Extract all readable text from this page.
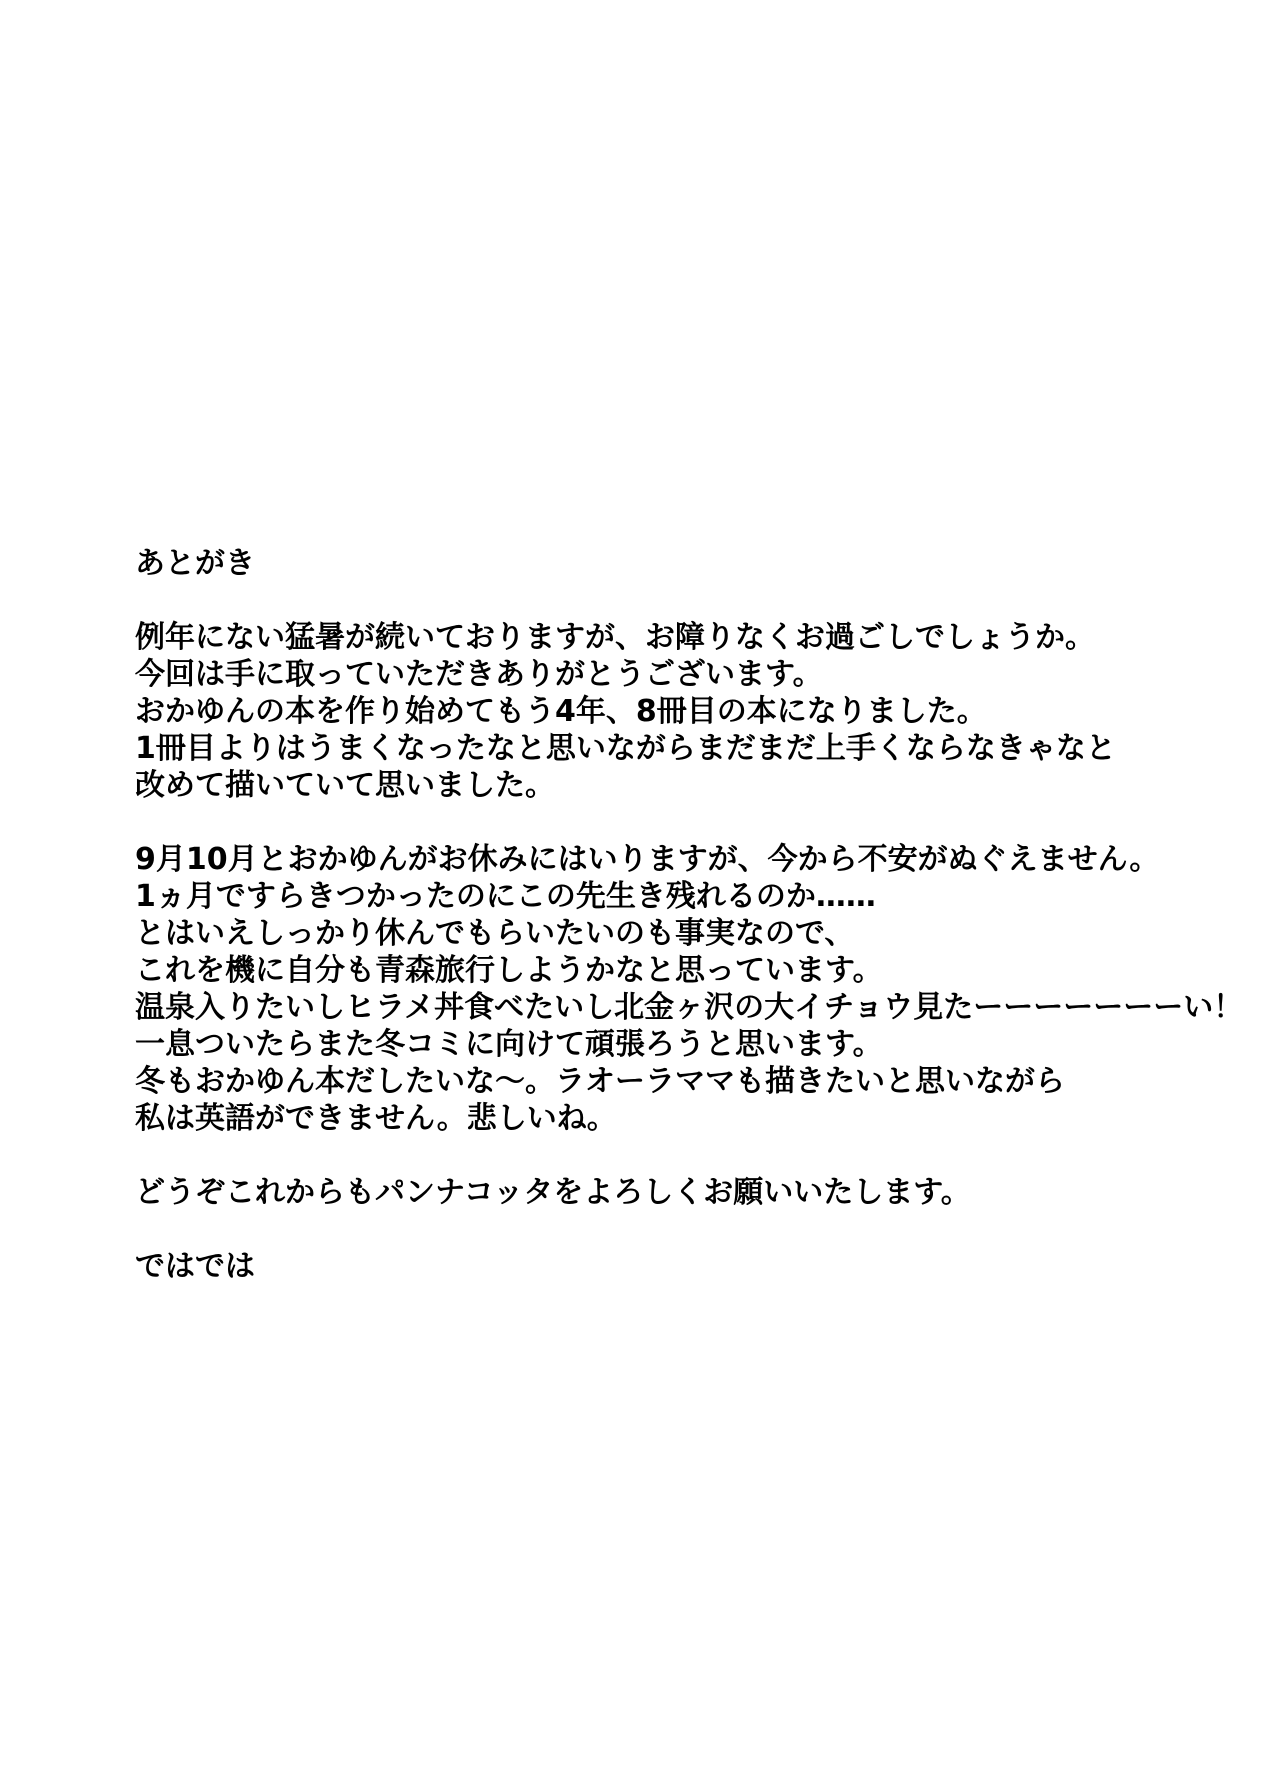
あとがき
例年にない猛暑が続いておりますが、お障りなくお過ごしでしょうか。
今回は手に取っていただきありがとうございます。
おかゆんの本を作り始めてもう4年、8冊目の本になりました。
1冊目よりはうまくなったなと思いながらまだまだ上手くならなきゃなと
改めて描いていて思いました。
9月10月とおかゆんがお休みにはいりますが、今から不安がぬぐえません。
1ヵ月ですらきつかったのにこの先生き残れるのか……
とはいえしっかり休んでもらいたいのも事実なので、
これを機に自分も青森旅行しようかなと思っています。
温泉入りたいしヒラメ丼食べたいし北金ヶ沢の大イチョウ見たーーーーーーーい！
一息ついたらまた冬コミに向けて頑張ろうと思います。
冬もおかゆん本だしたいな〜。ラオーラママも描きたいと思いながら
私は英語ができません。悲しいね。
どうぞこれからもパンナコッタをよろしくお願いいたします。
ではでは
